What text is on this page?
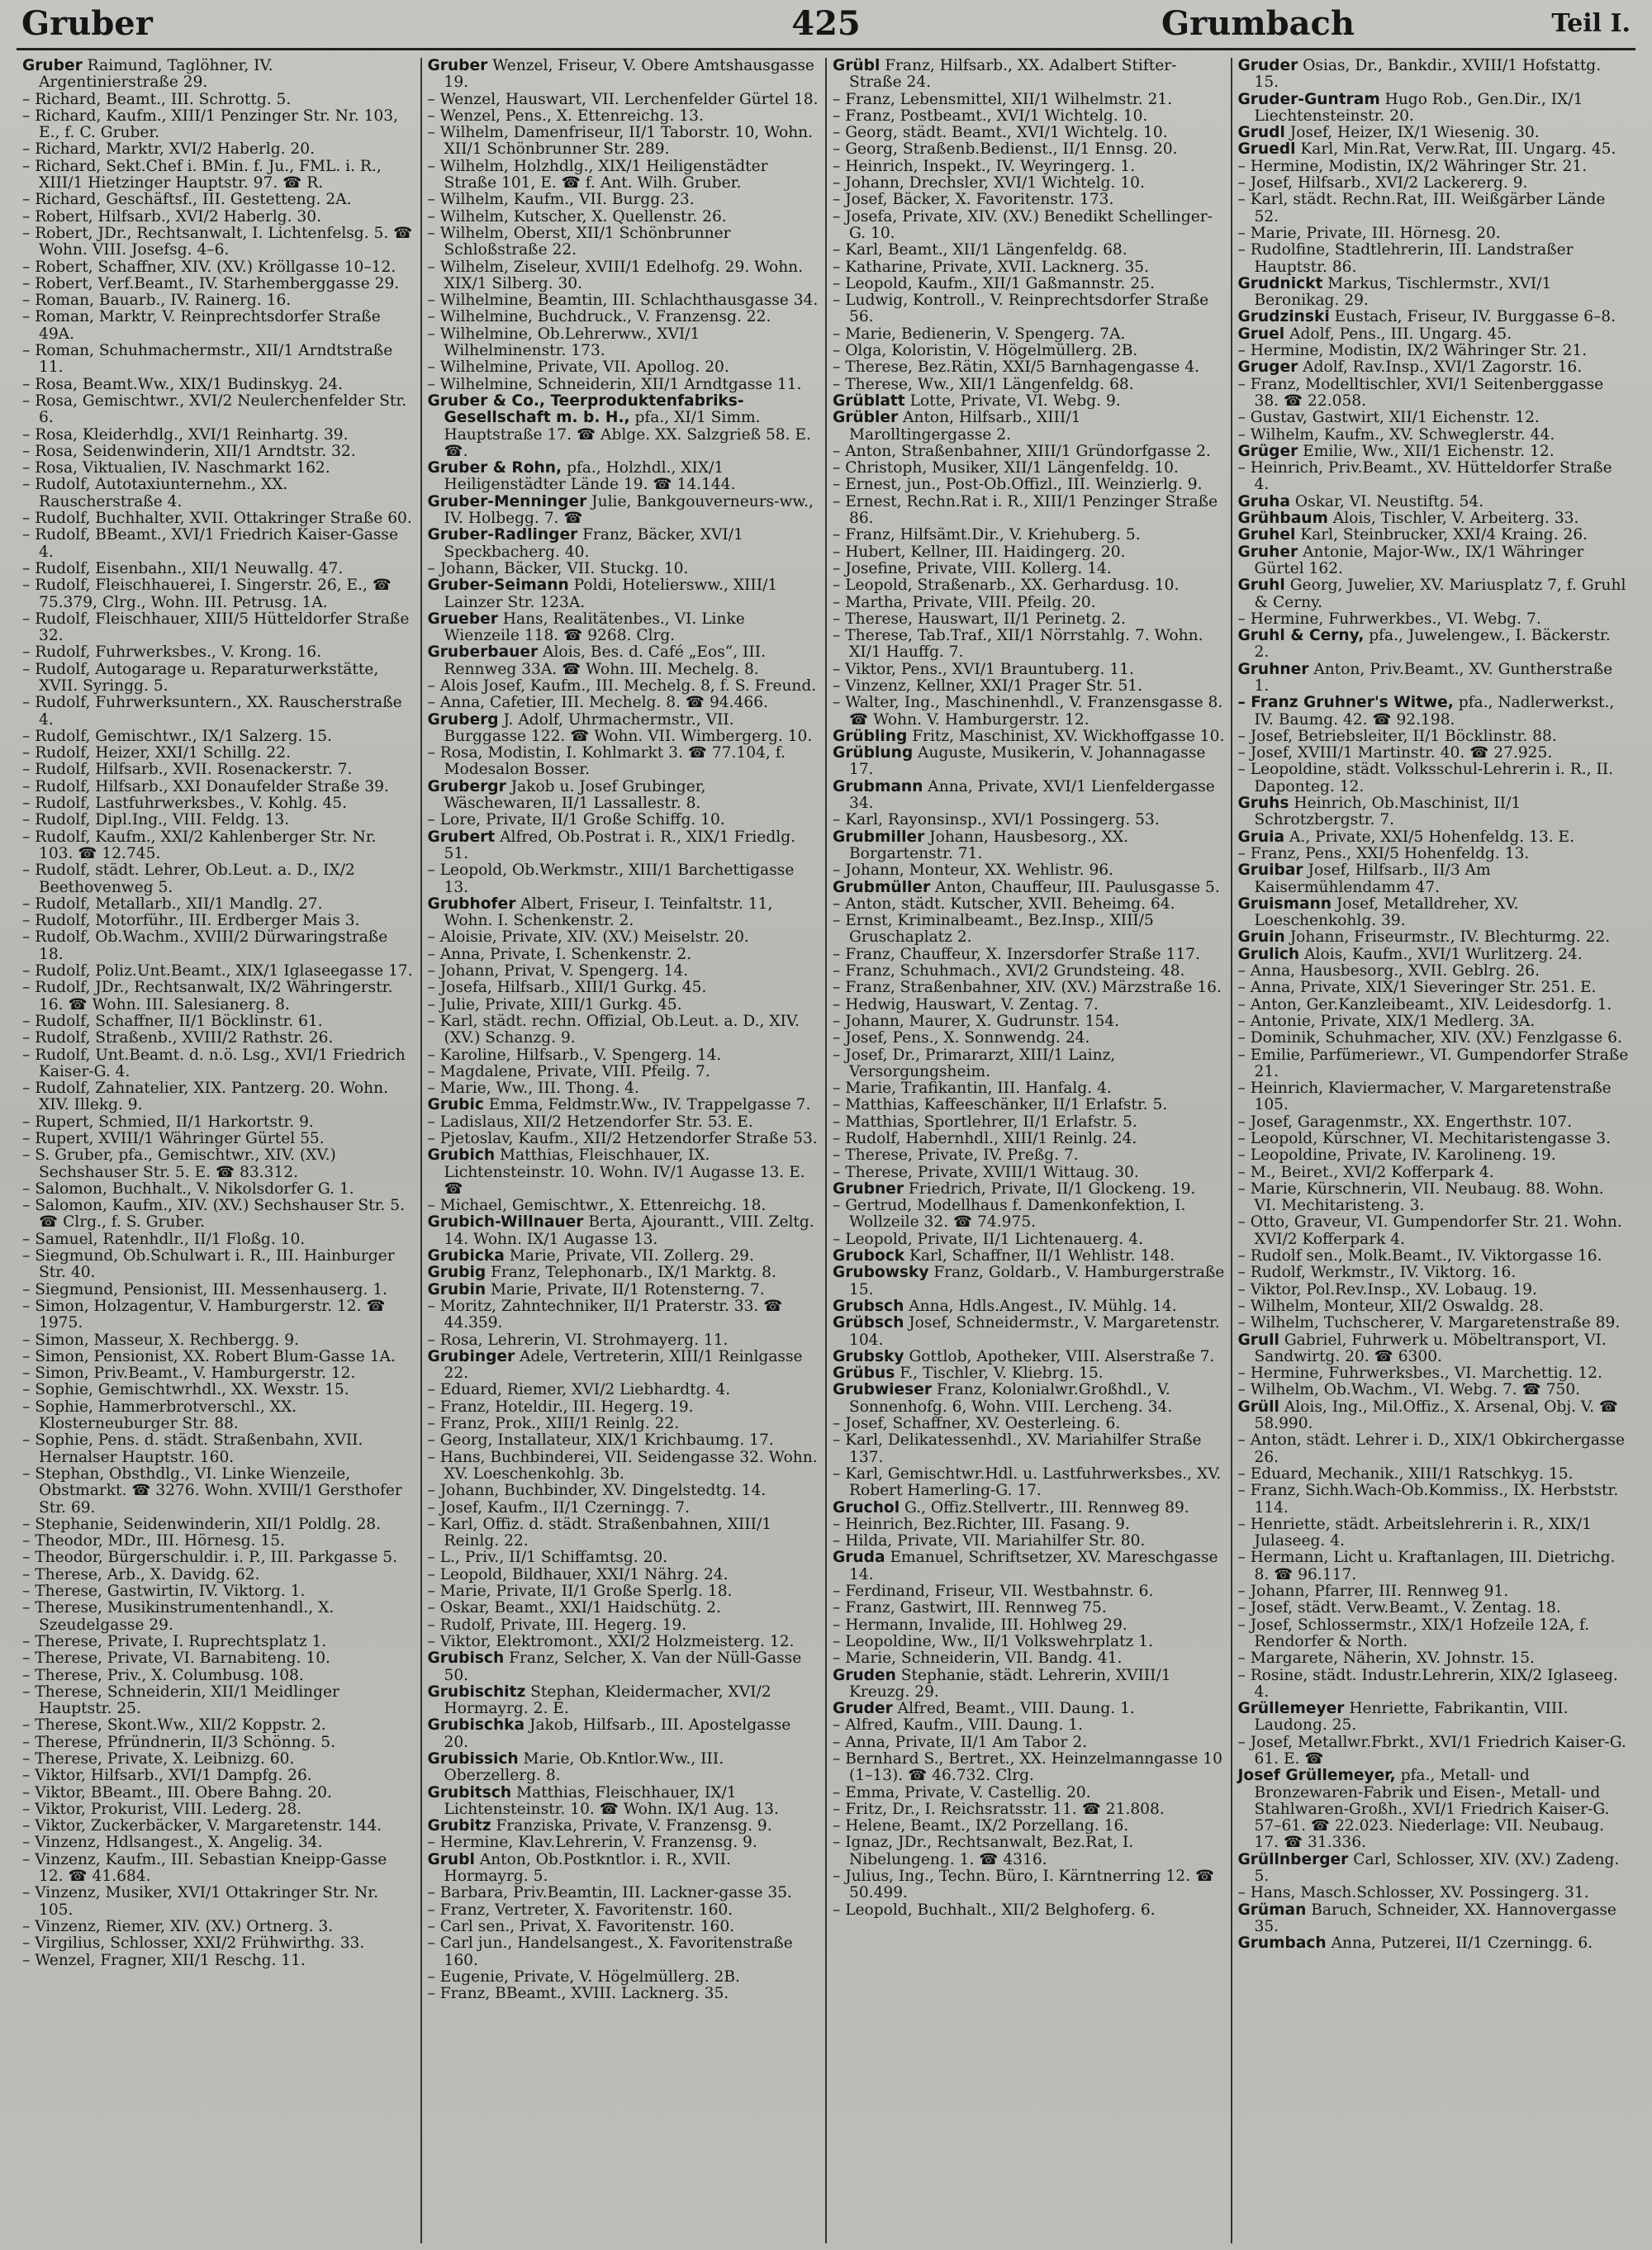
Gruber	425	Grumbach	Teil I.
Gruber Raimund, Taglöhner, IV. Argentinierstraße 29.
– Richard, Beamt., III. Schrottg. 5.
– Richard, Kaufm., XIII/1 Penzinger Str. Nr. 103, E., f. C. Gruber.
– Richard, Marktr, XVI/2 Haberlg. 20.
– Richard, Sekt.Chef i. BMin. f. Ju., FML. i. R., XIII/1 Hietzinger Hauptstr. 97. ☎ R.
– Richard, Geschäftsf., III. Gestetteng. 2A.
– Robert, Hilfsarb., XVI/2 Haberlg. 30.
– Robert, JDr., Rechtsanwalt, I. Lichtenfelsg. 5. ☎ Wohn. VIII. Josefsg. 4–6.
– Robert, Schaffner, XIV. (XV.) Kröllgasse 10–12.
– Robert, Verf.Beamt., IV. Starhemberggasse 29.
– Roman, Bauarb., IV. Rainerg. 16.
– Roman, Marktr, V. Reinprechtsdorfer Straße 49A.
– Roman, Schuhmachermstr., XII/1 Arndtstraße 11.
– Rosa, Beamt.Ww., XIX/1 Budinskyg. 24.
– Rosa, Gemischtwr., XVI/2 Neulerchenfelder Str. 6.
– Rosa, Kleiderhdlg., XVI/1 Reinhartg. 39.
– Rosa, Seidenwinderin, XII/1 Arndtstr. 32.
– Rosa, Viktualien, IV. Naschmarkt 162.
– Rudolf, Autotaxiunternehm., XX. Rauscherstraße 4.
– Rudolf, Buchhalter, XVII. Ottakringer Straße 60.
– Rudolf, BBeamt., XVI/1 Friedrich Kaiser-Gasse 4.
– Rudolf, Eisenbahn., XII/1 Neuwallg. 47.
– Rudolf, Fleischhauerei, I. Singerstr. 26, E., ☎ 75.379, Clrg., Wohn. III. Petrusg. 1A.
– Rudolf, Fleischhauer, XIII/5 Hütteldorfer Straße 32.
– Rudolf, Fuhrwerksbes., V. Krong. 16.
– Rudolf, Autogarage u. Reparaturwerkstätte, XVII. Syringg. 5.
– Rudolf, Fuhrwerksuntern., XX. Rauscherstraße 4.
– Rudolf, Gemischtwr., IX/1 Salzerg. 15.
– Rudolf, Heizer, XXI/1 Schillg. 22.
– Rudolf, Hilfsarb., XVII. Rosenackerstr. 7.
– Rudolf, Hilfsarb., XXI Donaufelder Straße 39.
– Rudolf, Lastfuhrwerksbes., V. Kohlg. 45.
– Rudolf, Dipl.Ing., VIII. Feldg. 13.
– Rudolf, Kaufm., XXI/2 Kahlenberger Str. Nr. 103. ☎ 12.745.
– Rudolf, städt. Lehrer, Ob.Leut. a. D., IX/2 Beethovenweg 5.
– Rudolf, Metallarb., XII/1 Mandlg. 27.
– Rudolf, Motorführ., III. Erdberger Mais 3.
– Rudolf, Ob.Wachm., XVIII/2 Dürwaringstraße 18.
– Rudolf, Poliz.Unt.Beamt., XIX/1 Iglaseegasse 17.
– Rudolf, JDr., Rechtsanwalt, IX/2 Währingerstr. 16. ☎ Wohn. III. Salesianerg. 8.
– Rudolf, Schaffner, II/1 Böcklinstr. 61.
– Rudolf, Straßenb., XVIII/2 Rathstr. 26.
– Rudolf, Unt.Beamt. d. n.ö. Lsg., XVI/1 Friedrich Kaiser-G. 4.
– Rudolf, Zahnatelier, XIX. Pantzerg. 20. Wohn. XIV. Illekg. 9.
– Rupert, Schmied, II/1 Harkortstr. 9.
– Rupert, XVIII/1 Währinger Gürtel 55.
– S. Gruber, pfa., Gemischtwr., XIV. (XV.) Sechshauser Str. 5. E. ☎ 83.312.
– Salomon, Buchhalt., V. Nikolsdorfer G. 1.
– Salomon, Kaufm., XIV. (XV.) Sechshauser Str. 5. ☎ Clrg., f. S. Gruber.
– Samuel, Ratenhdlr., II/1 Floßg. 10.
– Siegmund, Ob.Schulwart i. R., III. Hainburger Str. 40.
– Siegmund, Pensionist, III. Messenhauserg. 1.
– Simon, Holzagentur, V. Hamburgerstr. 12. ☎ 1975.
– Simon, Masseur, X. Rechbergg. 9.
– Simon, Pensionist, XX. Robert Blum-Gasse 1A.
– Simon, Priv.Beamt., V. Hamburgerstr. 12.
– Sophie, Gemischtwrhdl., XX. Wexstr. 15.
– Sophie, Hammerbrotverschl., XX. Klosterneuburger Str. 88.
– Sophie, Pens. d. städt. Straßenbahn, XVII. Hernalser Hauptstr. 160.
– Stephan, Obsthdlg., VI. Linke Wienzeile, Obstmarkt. ☎ 3276. Wohn. XVIII/1 Gersthofer Str. 69.
– Stephanie, Seidenwinderin, XII/1 Poldlg. 28.
– Theodor, MDr., III. Hörnesg. 15.
– Theodor, Bürgerschuldir. i. P., III. Parkgasse 5.
– Therese, Arb., X. Davidg. 62.
– Therese, Gastwirtin, IV. Viktorg. 1.
– Therese, Musikinstrumentenhandl., X. Szeudelgasse 29.
– Therese, Private, I. Ruprechtsplatz 1.
– Therese, Private, VI. Barnabiteng. 10.
– Therese, Priv., X. Columbusg. 108.
– Therese, Schneiderin, XII/1 Meidlinger Hauptstr. 25.
– Therese, Skont.Ww., XII/2 Koppstr. 2.
– Therese, Pfründnerin, II/3 Schönng. 5.
– Therese, Private, X. Leibnizg. 60.
– Viktor, Hilfsarb., XVI/1 Dampfg. 26.
– Viktor, BBeamt., III. Obere Bahng. 20.
– Viktor, Prokurist, VIII. Lederg. 28.
– Viktor, Zuckerbäcker, V. Margaretenstr. 144.
– Vinzenz, Hdlsangest., X. Angelig. 34.
– Vinzenz, Kaufm., III. Sebastian Kneipp-Gasse 12. ☎ 41.684.
– Vinzenz, Musiker, XVI/1 Ottakringer Str. Nr. 105.
– Vinzenz, Riemer, XIV. (XV.) Ortnerg. 3.
– Virgilius, Schlosser, XXI/2 Frühwirthg. 33.
– Wenzel, Fragner, XII/1 Reschg. 11.
Gruber Wenzel, Friseur, V. Obere Amtshausgasse 19.
– Wenzel, Hauswart, VII. Lerchenfelder Gürtel 18.
– Wenzel, Pens., X. Ettenreichg. 13.
– Wilhelm, Damenfriseur, II/1 Taborstr. 10, Wohn. XII/1 Schönbrunner Str. 289.
– Wilhelm, Holzhdlg., XIX/1 Heiligenstädter Straße 101, E. ☎ f. Ant. Wilh. Gruber.
– Wilhelm, Kaufm., VII. Burgg. 23.
– Wilhelm, Kutscher, X. Quellenstr. 26.
– Wilhelm, Oberst, XII/1 Schönbrunner Schloßstraße 22.
– Wilhelm, Ziseleur, XVIII/1 Edelhofg. 29. Wohn. XIX/1 Silberg. 30.
– Wilhelmine, Beamtin, III. Schlachthausgasse 34.
– Wilhelmine, Buchdruck., V. Franzensg. 22.
– Wilhelmine, Ob.Lehrerww., XVI/1 Wilhelminenstr. 173.
– Wilhelmine, Private, VII. Apollog. 20.
– Wilhelmine, Schneiderin, XII/1 Arndtgasse 11.
Gruber & Co., Teerproduktenfabriks-Gesellschaft m. b. H., pfa., XI/1 Simm. Hauptstraße 17. ☎ Ablge. XX. Salzgrieß 58. E. ☎.
Gruber & Rohn, pfa., Holzhdl., XIX/1 Heiligenstädter Lände 19. ☎ 14.144.
Gruber-Menninger Julie, Bankgouverneurs-ww., IV. Holbegg. 7. ☎
Gruber-Radlinger Franz, Bäcker, XVI/1 Speckbacherg. 40.
– Johann, Bäcker, VII. Stuckg. 10.
Gruber-Seimann Poldi, Hoteliersww., XIII/1 Lainzer Str. 123A.
Grueber Hans, Realitätenbes., VI. Linke Wienzeile 118. ☎ 9268. Clrg.
Gruberbauer Alois, Bes. d. Café „Eos“, III. Rennweg 33A. ☎ Wohn. III. Mechelg. 8.
– Alois Josef, Kaufm., III. Mechelg. 8, f. S. Freund.
– Anna, Cafetier, III. Mechelg. 8. ☎ 94.466.
Gruberg J. Adolf, Uhrmachermstr., VII. Burggasse 122. ☎ Wohn. VII. Wimbergerg. 10.
– Rosa, Modistin, I. Kohlmarkt 3. ☎ 77.104, f. Modesalon Bosser.
Grubergr Jakob u. Josef Grubinger, Wäschewaren, II/1 Lassallestr. 8.
– Lore, Private, II/1 Große Schiffg. 10.
Grubert Alfred, Ob.Postrat i. R., XIX/1 Friedlg. 51.
– Leopold, Ob.Werkmstr., XIII/1 Barchettigasse 13.
Grubhofer Albert, Friseur, I. Teinfaltstr. 11, Wohn. I. Schenkenstr. 2.
– Aloisie, Private, XIV. (XV.) Meiselstr. 20.
– Anna, Private, I. Schenkenstr. 2.
– Johann, Privat, V. Spengerg. 14.
– Josefa, Hilfsarb., XIII/1 Gurkg. 45.
– Julie, Private, XIII/1 Gurkg. 45.
– Karl, städt. rechn. Offizial, Ob.Leut. a. D., XIV. (XV.) Schanzg. 9.
– Karoline, Hilfsarb., V. Spengerg. 14.
– Magdalene, Private, VIII. Pfeilg. 7.
– Marie, Ww., III. Thong. 4.
Grubic Emma, Feldmstr.Ww., IV. Trappelgasse 7.
– Ladislaus, XII/2 Hetzendorfer Str. 53. E.
– Pjetoslav, Kaufm., XII/2 Hetzendorfer Straße 53.
Grubich Matthias, Fleischhauer, IX. Lichtensteinstr. 10. Wohn. IV/1 Augasse 13. E. ☎
– Michael, Gemischtwr., X. Ettenreichg. 18.
Grubich-Willnauer Berta, Ajourantt., VIII. Zeltg. 14. Wohn. IX/1 Augasse 13.
Grubicka Marie, Private, VII. Zollerg. 29.
Grubig Franz, Telephonarb., IX/1 Marktg. 8.
Grubin Marie, Private, II/1 Rotensterng. 7.
– Moritz, Zahntechniker, II/1 Praterstr. 33. ☎ 44.359.
– Rosa, Lehrerin, VI. Strohmayerg. 11.
Grubinger Adele, Vertreterin, XIII/1 Reinlgasse 22.
– Eduard, Riemer, XVI/2 Liebhardtg. 4.
– Franz, Hoteldir., III. Hegerg. 19.
– Franz, Prok., XIII/1 Reinlg. 22.
– Georg, Installateur, XIX/1 Krichbaumg. 17.
– Hans, Buchbinderei, VII. Seidengasse 32. Wohn. XV. Loeschenkohlg. 3b.
– Johann, Buchbinder, XV. Dingelstedtg. 14.
– Josef, Kaufm., II/1 Czerningg. 7.
– Karl, Offiz. d. städt. Straßenbahnen, XIII/1 Reinlg. 22.
– L., Priv., II/1 Schiffamtsg. 20.
– Leopold, Bildhauer, XXI/1 Nährg. 24.
– Marie, Private, II/1 Große Sperlg. 18.
– Oskar, Beamt., XXI/1 Haidschütg. 2.
– Rudolf, Private, III. Hegerg. 19.
– Viktor, Elektromont., XXI/2 Holzmeisterg. 12.
Grubisch Franz, Selcher, X. Van der Nüll-Gasse 50.
Grubischitz Stephan, Kleidermacher, XVI/2 Hormayrg. 2. E.
Grubischka Jakob, Hilfsarb., III. Apostelgasse 20.
Grubissich Marie, Ob.Kntlor.Ww., III. Oberzellerg. 8.
Grubitsch Matthias, Fleischhauer, IX/1 Lichtensteinstr. 10. ☎ Wohn. IX/1 Aug. 13.
Grubitz Franziska, Private, V. Franzensg. 9.
– Hermine, Klav.Lehrerin, V. Franzensg. 9.
Grubl Anton, Ob.Postkntlor. i. R., XVII. Hormayrg. 5.
– Barbara, Priv.Beamtin, III. Lackner-gasse 35.
– Franz, Vertreter, X. Favoritenstr. 160.
– Carl sen., Privat, X. Favoritenstr. 160.
– Carl jun., Handelsangest., X. Favoritenstraße 160.
– Eugenie, Private, V. Högelmüllerg. 2B.
– Franz, BBeamt., XVIII. Lacknerg. 35.
Grübl Franz, Hilfsarb., XX. Adalbert Stifter-Straße 24.
– Franz, Lebensmittel, XII/1 Wilhelmstr. 21.
– Franz, Postbeamt., XVI/1 Wichtelg. 10.
– Georg, städt. Beamt., XVI/1 Wichtelg. 10.
– Georg, Straßenb.Bedienst., II/1 Ennsg. 20.
– Heinrich, Inspekt., IV. Weyringerg. 1.
– Johann, Drechsler, XVI/1 Wichtelg. 10.
– Josef, Bäcker, X. Favoritenstr. 173.
– Josefa, Private, XIV. (XV.) Benedikt Schellinger-G. 10.
– Karl, Beamt., XII/1 Längenfeldg. 68.
– Katharine, Private, XVII. Lacknerg. 35.
– Leopold, Kaufm., XII/1 Gaßmannstr. 25.
– Ludwig, Kontroll., V. Reinprechtsdorfer Straße 56.
– Marie, Bedienerin, V. Spengerg. 7A.
– Olga, Koloristin, V. Högelmüllerg. 2B.
– Therese, Bez.Rätin, XXI/5 Barnhagengasse 4.
– Therese, Ww., XII/1 Längenfeldg. 68.
Grüblatt Lotte, Private, VI. Webg. 9.
Grübler Anton, Hilfsarb., XIII/1 Marolltingergasse 2.
– Anton, Straßenbahner, XIII/1 Gründorfgasse 2.
– Christoph, Musiker, XII/1 Längenfeldg. 10.
– Ernest, jun., Post-Ob.Offizl., III. Weinzierlg. 9.
– Ernest, Rechn.Rat i. R., XIII/1 Penzinger Straße 86.
– Franz, Hilfsämt.Dir., V. Kriehuberg. 5.
– Hubert, Kellner, III. Haidingerg. 20.
– Josefine, Private, VIII. Kollerg. 14.
– Leopold, Straßenarb., XX. Gerhardusg. 10.
– Martha, Private, VIII. Pfeilg. 20.
– Therese, Hauswart, II/1 Perinetg. 2.
– Therese, Tab.Traf., XII/1 Nörrstahlg. 7. Wohn. XI/1 Hauffg. 7.
– Viktor, Pens., XVI/1 Brauntuberg. 11.
– Vinzenz, Kellner, XXI/1 Prager Str. 51.
– Walter, Ing., Maschinenhdl., V. Franzensgasse 8. ☎ Wohn. V. Hamburgerstr. 12.
Grübling Fritz, Maschinist, XV. Wickhoffgasse 10.
Grüblung Auguste, Musikerin, V. Johannagasse 17.
Grubmann Anna, Private, XVI/1 Lienfeldergasse 34.
– Karl, Rayonsinsp., XVI/1 Possingerg. 53.
Grubmiller Johann, Hausbesorg., XX. Borgartenstr. 71.
– Johann, Monteur, XX. Wehlistr. 96.
Grubmüller Anton, Chauffeur, III. Paulusgasse 5.
– Anton, städt. Kutscher, XVII. Beheimg. 64.
– Ernst, Kriminalbeamt., Bez.Insp., XIII/5 Gruschaplatz 2.
– Franz, Chauffeur, X. Inzersdorfer Straße 117.
– Franz, Schuhmach., XVI/2 Grundsteing. 48.
– Franz, Straßenbahner, XIV. (XV.) Märzstraße 16.
– Hedwig, Hauswart, V. Zentag. 7.
– Johann, Maurer, X. Gudrunstr. 154.
– Josef, Pens., X. Sonnwendg. 24.
– Josef, Dr., Primararzt, XIII/1 Lainz, Versorgungsheim.
– Marie, Trafikantin, III. Hanfalg. 4.
– Matthias, Kaffeeschänker, II/1 Erlafstr. 5.
– Matthias, Sportlehrer, II/1 Erlafstr. 5.
– Rudolf, Habernhdl., XIII/1 Reinlg. 24.
– Therese, Private, IV. Preßg. 7.
– Therese, Private, XVIII/1 Wittaug. 30.
Grubner Friedrich, Private, II/1 Glockeng. 19.
– Gertrud, Modellhaus f. Damenkonfektion, I. Wollzeile 32. ☎ 74.975.
– Leopold, Private, II/1 Lichtenauerg. 4.
Grubock Karl, Schaffner, II/1 Wehlistr. 148.
Grubowsky Franz, Goldarb., V. Hamburgerstraße 15.
Grubsch Anna, Hdls.Angest., IV. Mühlg. 14.
Grübsch Josef, Schneidermstr., V. Margaretenstr. 104.
Grubsky Gottlob, Apotheker, VIII. Alserstraße 7.
Grübus F., Tischler, V. Kliebrg. 15.
Grubwieser Franz, Kolonialwr.Großhdl., V. Sonnenhofg. 6, Wohn. VIII. Lercheng. 34.
– Josef, Schaffner, XV. Oesterleing. 6.
– Karl, Delikatessenhdl., XV. Mariahilfer Straße 137.
– Karl, Gemischtwr.Hdl. u. Lastfuhrwerksbes., XV. Robert Hamerling-G. 17.
Gruchol G., Offiz.Stellvertr., III. Rennweg 89.
– Heinrich, Bez.Richter, III. Fasang. 9.
– Hilda, Private, VII. Mariahilfer Str. 80.
Gruda Emanuel, Schriftsetzer, XV. Mareschgasse 14.
– Ferdinand, Friseur, VII. Westbahnstr. 6.
– Franz, Gastwirt, III. Rennweg 75.
– Hermann, Invalide, III. Hohlweg 29.
– Leopoldine, Ww., II/1 Volkswehrplatz 1.
– Marie, Schneiderin, VII. Bandg. 41.
Gruden Stephanie, städt. Lehrerin, XVIII/1 Kreuzg. 29.
Gruder Alfred, Beamt., VIII. Daung. 1.
– Alfred, Kaufm., VIII. Daung. 1.
– Anna, Private, II/1 Am Tabor 2.
– Bernhard S., Bertret., XX. Heinzelmanngasse 10 (1–13). ☎ 46.732. Clrg.
– Emma, Private, V. Castellig. 20.
– Fritz, Dr., I. Reichsratsstr. 11. ☎ 21.808.
– Helene, Beamt., IX/2 Porzellang. 16.
– Ignaz, JDr., Rechtsanwalt, Bez.Rat, I. Nibelungeng. 1. ☎ 4316.
– Julius, Ing., Techn. Büro, I. Kärntnerring 12. ☎ 50.499.
– Leopold, Buchhalt., XII/2 Belghoferg. 6.
Gruder Osias, Dr., Bankdir., XVIII/1 Hofstattg. 15.
Gruder-Guntram Hugo Rob., Gen.Dir., IX/1 Liechtensteinstr. 20.
Grudl Josef, Heizer, IX/1 Wiesenig. 30.
Gruedl Karl, Min.Rat, Verw.Rat, III. Ungarg. 45.
– Hermine, Modistin, IX/2 Währinger Str. 21.
– Josef, Hilfsarb., XVI/2 Lackererg. 9.
– Karl, städt. Rechn.Rat, III. Weißgärber Lände 52.
– Marie, Private, III. Hörnesg. 20.
– Rudolfine, Stadtlehrerin, III. Landstraßer Hauptstr. 86.
Grudnickt Markus, Tischlermstr., XVI/1 Beronikag. 29.
Grudzinski Eustach, Friseur, IV. Burggasse 6–8.
Gruel Adolf, Pens., III. Ungarg. 45.
– Hermine, Modistin, IX/2 Währinger Str. 21.
Gruger Adolf, Rav.Insp., XVI/1 Zagorstr. 16.
– Franz, Modelltischler, XVI/1 Seitenberggasse 38. ☎ 22.058.
– Gustav, Gastwirt, XII/1 Eichenstr. 12.
– Wilhelm, Kaufm., XV. Schweglerstr. 44.
Grüger Emilie, Ww., XII/1 Eichenstr. 12.
– Heinrich, Priv.Beamt., XV. Hütteldorfer Straße 4.
Gruha Oskar, VI. Neustiftg. 54.
Grühbaum Alois, Tischler, V. Arbeiterg. 33.
Gruhel Karl, Steinbrucker, XXI/4 Kraing. 26.
Gruher Antonie, Major-Ww., IX/1 Währinger Gürtel 162.
Gruhl Georg, Juwelier, XV. Mariusplatz 7, f. Gruhl & Cerny.
– Hermine, Fuhrwerkbes., VI. Webg. 7.
Gruhl & Cerny, pfa., Juwelengew., I. Bäckerstr. 2.
Gruhner Anton, Priv.Beamt., XV. Guntherstraße 1.
– Franz Gruhner's Witwe, pfa., Nadlerwerkst., IV. Baumg. 42. ☎ 92.198.
– Josef, Betriebsleiter, II/1 Böcklinstr. 88.
– Josef, XVIII/1 Martinstr. 40. ☎ 27.925.
– Leopoldine, städt. Volksschul-Lehrerin i. R., II. Daponteg. 12.
Gruhs Heinrich, Ob.Maschinist, II/1 Schrotzbergstr. 7.
Gruia A., Private, XXI/5 Hohenfeldg. 13. E.
– Franz, Pens., XXI/5 Hohenfeldg. 13.
Gruibar Josef, Hilfsarb., II/3 Am Kaisermühlendamm 47.
Gruismann Josef, Metalldreher, XV. Loeschenkohlg. 39.
Gruin Johann, Friseurmstr., IV. Blechturmg. 22.
Grulich Alois, Kaufm., XVI/1 Wurlitzerg. 24.
– Anna, Hausbesorg., XVII. Geblrg. 26.
– Anna, Private, XIX/1 Sieveringer Str. 251. E.
– Anton, Ger.Kanzleibeamt., XIV. Leidesdorfg. 1.
– Antonie, Private, XIX/1 Medlerg. 3A.
– Dominik, Schuhmacher, XIV. (XV.) Fenzlgasse 6.
– Emilie, Parfümeriewr., VI. Gumpendorfer Straße 21.
– Heinrich, Klaviermacher, V. Margaretenstraße 105.
– Josef, Garagenmstr., XX. Engerthstr. 107.
– Leopold, Kürschner, VI. Mechitaristengasse 3.
– Leopoldine, Private, IV. Karolineng. 19.
– M., Beiret., XVI/2 Kofferpark 4.
– Marie, Kürschnerin, VII. Neubaug. 88. Wohn. VI. Mechitaristeng. 3.
– Otto, Graveur, VI. Gumpendorfer Str. 21. Wohn. XVI/2 Kofferpark 4.
– Rudolf sen., Molk.Beamt., IV. Viktorgasse 16.
– Rudolf, Werkmstr., IV. Viktorg. 16.
– Viktor, Pol.Rev.Insp., XV. Lobaug. 19.
– Wilhelm, Monteur, XII/2 Oswaldg. 28.
– Wilhelm, Tuchscherer, V. Margaretenstraße 89.
Grull Gabriel, Fuhrwerk u. Möbeltransport, VI. Sandwirtg. 20. ☎ 6300.
– Hermine, Fuhrwerksbes., VI. Marchettig. 12.
– Wilhelm, Ob.Wachm., VI. Webg. 7. ☎ 750.
Grüll Alois, Ing., Mil.Offiz., X. Arsenal, Obj. V. ☎ 58.990.
– Anton, städt. Lehrer i. D., XIX/1 Obkirchergasse 26.
– Eduard, Mechanik., XIII/1 Ratschkyg. 15.
– Franz, Sichh.Wach-Ob.Kommiss., IX. Herbststr. 114.
– Henriette, städt. Arbeitslehrerin i. R., XIX/1 Julaseeg. 4.
– Hermann, Licht u. Kraftanlagen, III. Dietrichg. 8. ☎ 96.117.
– Johann, Pfarrer, III. Rennweg 91.
– Josef, städt. Verw.Beamt., V. Zentag. 18.
– Josef, Schlossermstr., XIX/1 Hofzeile 12A, f. Rendorfer & North.
– Margarete, Näherin, XV. Johnstr. 15.
– Rosine, städt. Industr.Lehrerin, XIX/2 Iglaseeg. 4.
Grüllemeyer Henriette, Fabrikantin, VIII. Laudong. 25.
– Josef, Metallwr.Fbrkt., XVI/1 Friedrich Kaiser-G. 61. E. ☎
Josef Grüllemeyer, pfa., Metall- und Bronzewaren-Fabrik und Eisen-, Metall- und Stahlwaren-Großh., XVI/1 Friedrich Kaiser-G. 57–61. ☎ 22.023. Niederlage: VII. Neubaug. 17. ☎ 31.336.
Grüllnberger Carl, Schlosser, XIV. (XV.) Zadeng. 5.
– Hans, Masch.Schlosser, XV. Possingerg. 31.
Grüman Baruch, Schneider, XX. Hannovergasse 35.
Grumbach Anna, Putzerei, II/1 Czerningg. 6.
